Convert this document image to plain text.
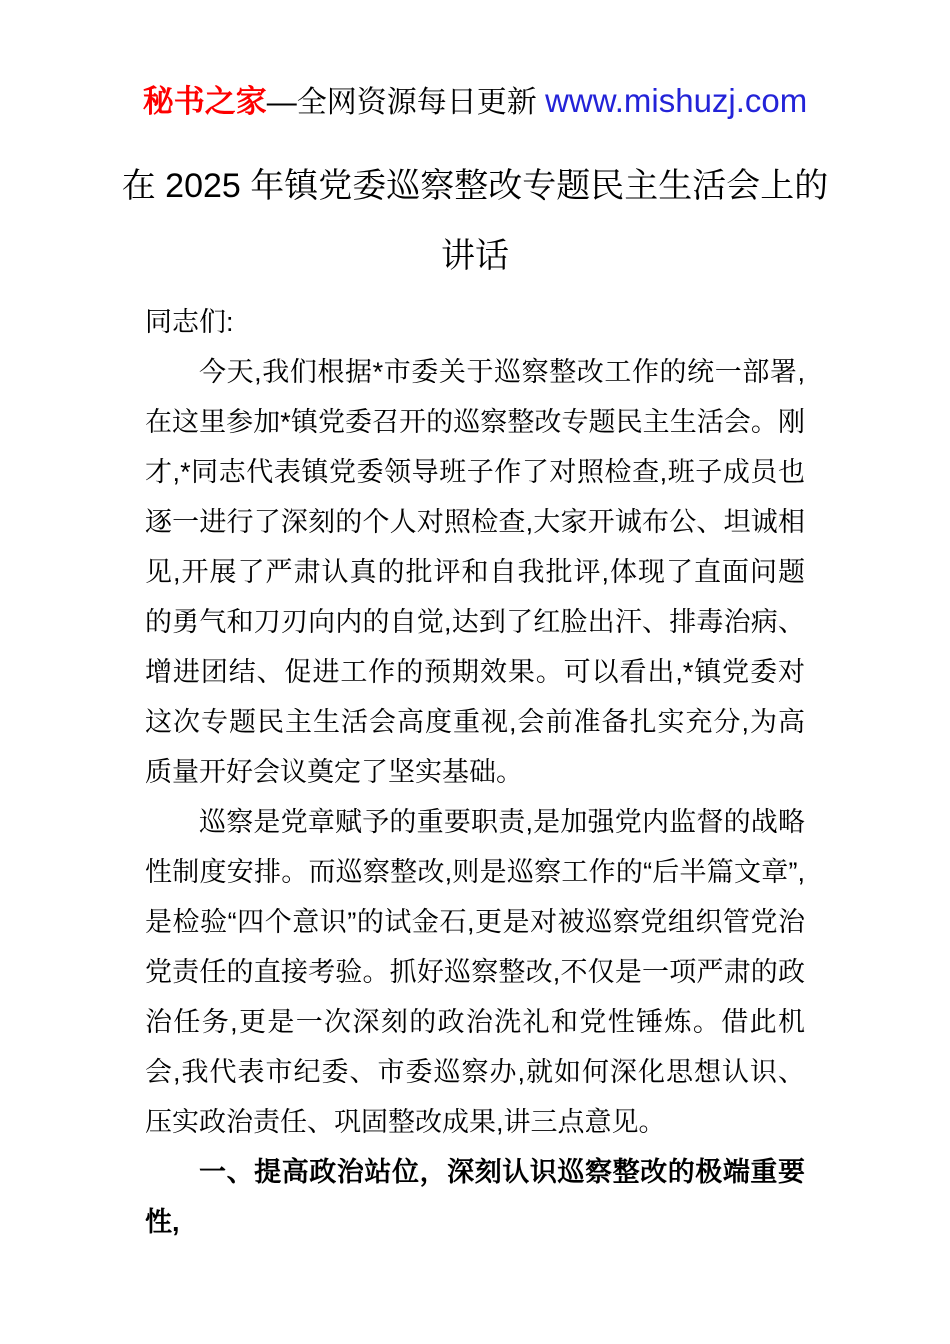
秘书之家—全网资源每日更新 www.mishuzj.com
在 2025 年镇党委巡察整改专题民主生活会上的
讲话

同志们:

今天,我们根据*市委关于巡察整改工作的统一部署,在这里参加*镇党委召开的巡察整改专题民主生活会。刚才,*同志代表镇党委领导班子作了对照检查,班子成员也逐一进行了深刻的个人对照检查,大家开诚布公、坦诚相见,开展了严肃认真的批评和自我批评,体现了直面问题的勇气和刀刃向内的自觉,达到了红脸出汗、排毒治病、增进团结、促进工作的预期效果。可以看出,*镇党委对这次专题民主生活会高度重视,会前准备扎实充分,为高质量开好会议奠定了坚实基础。

巡察是党章赋予的重要职责,是加强党内监督的战略性制度安排。而巡察整改,则是巡察工作的“后半篇文章”,是检验“四个意识”的试金石,更是对被巡察党组织管党治党责任的直接考验。抓好巡察整改,不仅是一项严肃的政治任务,更是一次深刻的政治洗礼和党性锤炼。借此机会,我代表市纪委、市委巡察办,就如何深化思想认识、压实政治责任、巩固整改成果,讲三点意见。

一、提高政治站位，深刻认识巡察整改的极端重要性,
